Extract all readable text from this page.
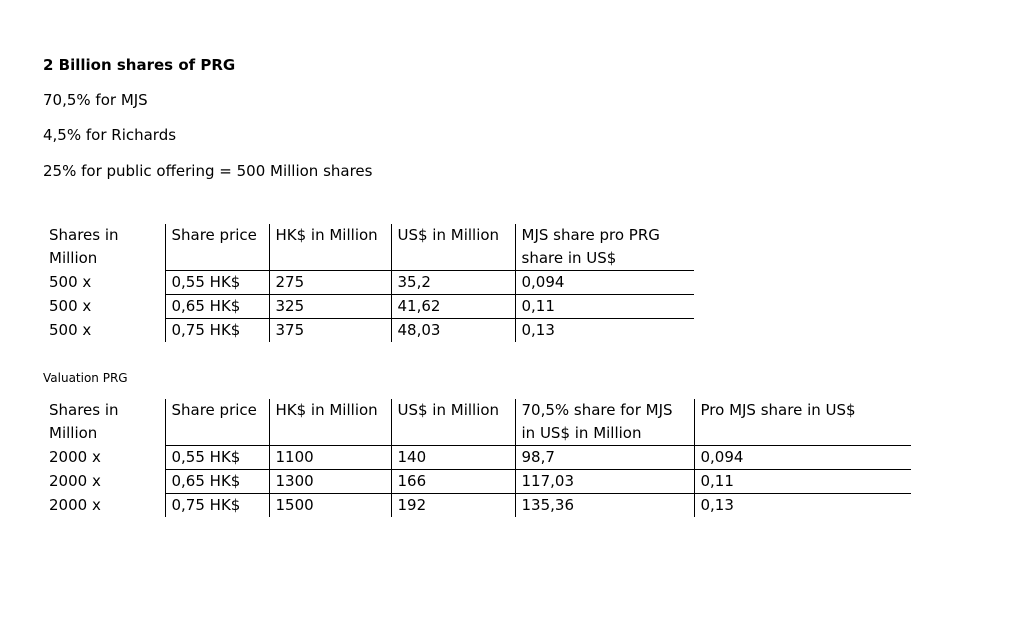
2 Billion shares of PRG
70,5% for MJS
4,5% for Richards
25% for public offering = 500 Million shares
Shares in Million	Share price	HK$ in Million	US$ in Million	MJS share pro PRG share in US$
500 x	0,55 HK$	275	35,2	0,094
500 x	0,65 HK$	325	41,62	0,11
500 x	0,75 HK$	375	48,03	0,13
Valuation PRG
Shares in Million	Share price	HK$ in Million	US$ in Million	70,5% share for MJS in US$ in Million	Pro MJS share in US$
2000 x	0,55 HK$	1100	140	98,7	0,094
2000 x	0,65 HK$	1300	166	117,03	0,11
2000 x	0,75 HK$	1500	192	135,36	0,13
